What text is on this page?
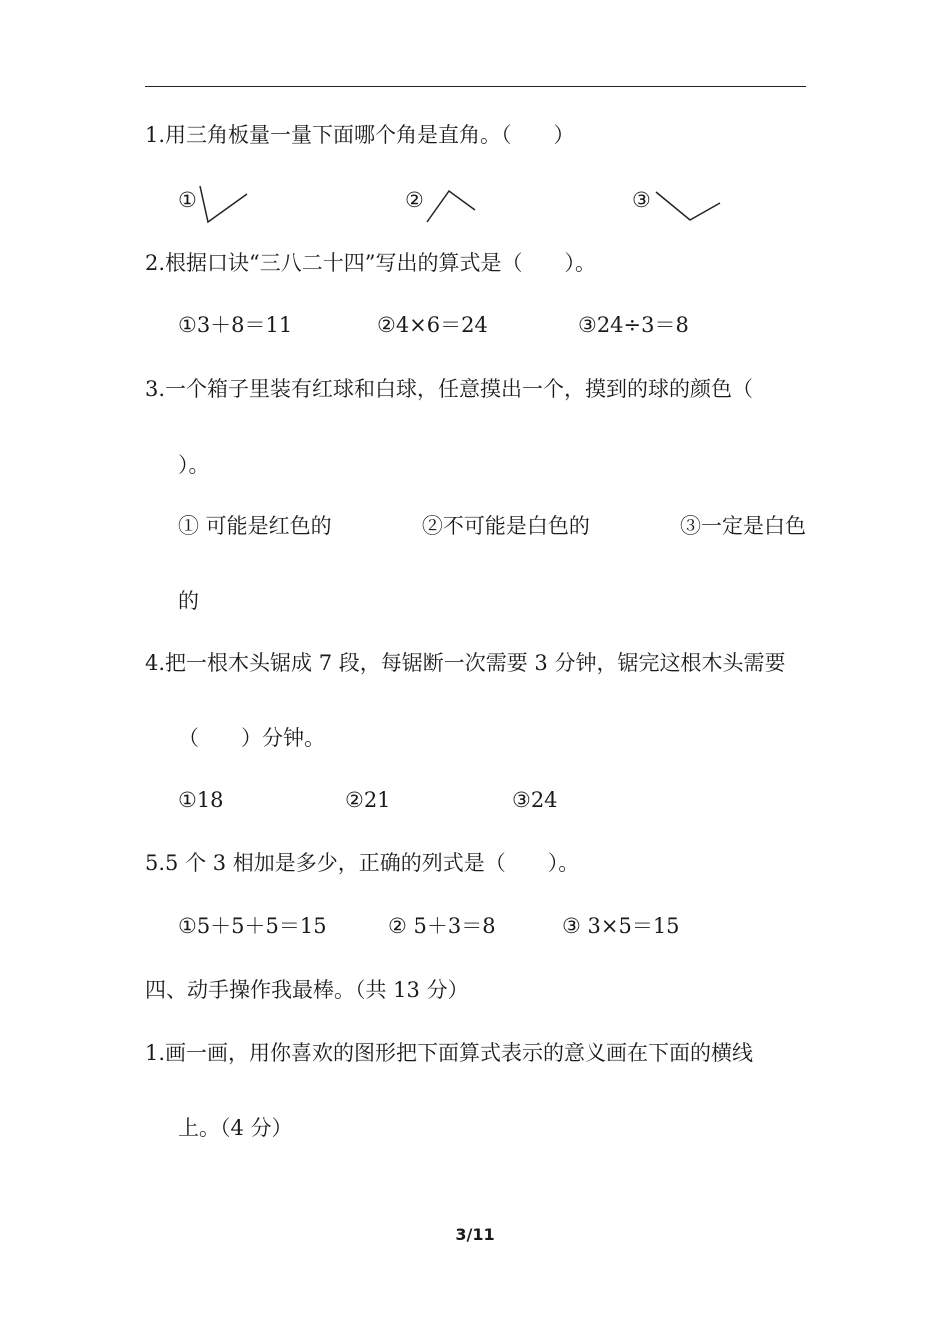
1.用三角板量一量下面哪个角是直角。（　　）
①	②	③
2.根据口诀“三八二十四”写出的算式是（　　）。
①3＋8＝11	②4×6＝24	③24÷3＝8
3.一个箱子里装有红球和白球，任意摸出一个，摸到的球的颜色（
）。
① 可能是红色的	②不可能是白色的	③一定是白色
的
4.把一根木头锯成 7 段，每锯断一次需要 3 分钟，锯完这根木头需要
（　　）分钟。
①18	②21	③24
5.5 个 3 相加是多少，正确的列式是（　　）。
①5＋5＋5＝15	② 5＋3＝8	③ 3×5＝15
四、动手操作我最棒。（共 13 分）
1.画一画，用你喜欢的图形把下面算式表示的意义画在下面的横线
上。（4 分）
3/11
